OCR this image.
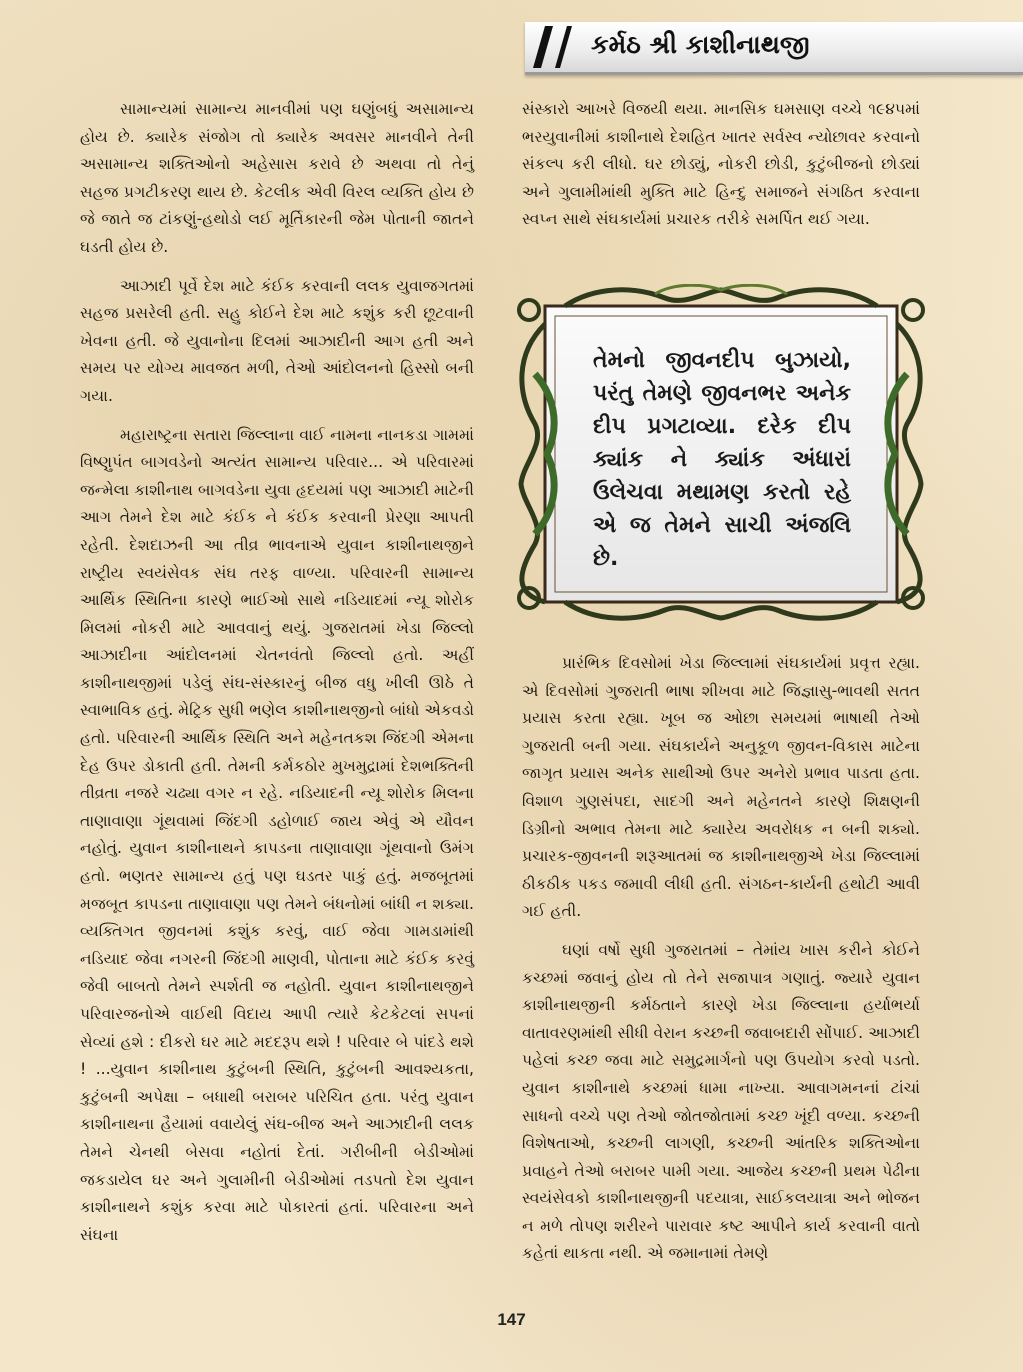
કર્મઠ શ્રી કાશીનાથજી

સામાન્યમાં સામાન્ય માનવીમાં પણ ઘણુંબધું અસામાન્ય હોય છે. ક્યારેક સંજોગ તો ક્યારેક અવસર માનવીને તેની અસામાન્ય શક્તિઓનો અહેસાસ કરાવે છે અથવા તો તેનું સહજ પ્રગટીકરણ થાય છે. કેટલીક એવી વિરલ વ્યક્તિ હોય છે જે જાતે જ ટાંકણું-હથોડો લઈ મૂર્તિકારની જેમ પોતાની જાતને ઘડતી હોય છે.

આઝાદી પૂર્વે દેશ માટે કંઈક કરવાની લલક યુવાજગતમાં સહજ પ્રસરેલી હતી. સહુ કોઈને દેશ માટે કશુંક કરી છૂટવાની ખેવના હતી. જે યુવાનોના દિલમાં આઝાદીની આગ હતી અને સમય પર યોગ્ય માવજત મળી, તેઓ આંદોલનનો હિસ્સો બની ગયા.

મહારાષ્ટ્રના સતારા જિલ્લાના વાઈ નામના નાનકડા ગામમાં વિષ્ણુપંત બાગવડેનો અત્યંત સામાન્ય પરિવાર... એ પરિવારમાં જન્મેલા કાશીનાથ બાગવડેના યુવા હૃદયમાં પણ આઝાદી માટેની આગ તેમને દેશ માટે કંઈક ને કંઈક કરવાની પ્રેરણા આપતી રહેતી. દેશદાઝની આ તીવ્ર ભાવનાએ યુવાન કાશીનાથજીને રાષ્ટ્રીય સ્વયંસેવક સંઘ તરફ વાળ્યા. પરિવારની સામાન્ય આર્થિક સ્થિતિના કારણે ભાઈઓ સાથે નડિયાદમાં ન્યૂ શોરોક મિલમાં નોકરી માટે આવવાનું થયું. ગુજરાતમાં ખેડા જિલ્લો આઝાદીના આંદોલનમાં ચેતનવંતો જિલ્લો હતો. અહીં કાશીનાથજીમાં પડેલું સંઘ-સંસ્કારનું બીજ વધુ ખીલી ઊઠે તે સ્વાભાવિક હતું. મેટ્રિક સુધી ભણેલ કાશીનાથજીનો બાંધો એકવડો હતો. પરિવારની આર્થિક સ્થિતિ અને મહેનતકશ જિંદગી એમના દેહ ઉપર ડોકાતી હતી. તેમની કર્મકઠોર મુખમુદ્રામાં દેશભક્તિની તીવ્રતા નજરે ચઢ્યા વગર ન રહે. નડિયાદની ન્યૂ શોરોક મિલના તાણાવાણા ગૂંથવામાં જિંદગી ડહોળાઈ જાય એવું એ યૌવન નહોતું. યુવાન કાશીનાથને કાપડના તાણાવાણા ગૂંથવાનો ઉમંગ હતો. ભણતર સામાન્ય હતું પણ ઘડતર પાકું હતું. મજબૂતમાં મજબૂત કાપડના તાણાવાણા પણ તેમને બંધનોમાં બાંધી ન શક્યા. વ્યક્તિગત જીવનમાં કશુંક કરવું, વાઈ જેવા ગામડામાંથી નડિયાદ જેવા નગરની જિંદગી માણવી, પોતાના માટે કંઈક કરવું જેવી બાબતો તેમને સ્પર્શતી જ નહોતી. યુવાન કાશીનાથજીને પરિવારજનોએ વાઈથી વિદાય આપી ત્યારે કેટકેટલાં સપનાં સેવ્યાં હશે : દીકરો ઘર માટે મદદરૂપ થશે ! પરિવાર બે પાંદડે થશે ! ...યુવાન કાશીનાથ કુટુંબની સ્થિતિ, કુટુંબની આવશ્યકતા, કુટુંબની અપેક્ષા – બધાથી બરાબર પરિચિત હતા. પરંતુ યુવાન કાશીનાથના હૈયામાં વવાયેલું સંઘ-બીજ અને આઝાદીની લલક તેમને ચેનથી બેસવા નહોતાં દેતાં. ગરીબીની બેડીઓમાં જકડાયેલ ઘર અને ગુલામીની બેડીઓમાં તડપતો દેશ યુવાન કાશીનાથને કશુંક કરવા માટે પોકારતાં હતાં. પરિવારના અને સંઘના

સંસ્કારો આખરે વિજયી થયા. માનસિક ઘમસાણ વચ્ચે ૧૯૪૫માં ભરયુવાનીમાં કાશીનાથે દેશહિત ખાતર સર્વસ્વ ન્યોછાવર કરવાનો સંકલ્પ કરી લીધો. ઘર છોડ્યું, નોકરી છોડી, કુટુંબીજનો છોડ્યાં અને ગુલામીમાંથી મુક્તિ માટે હિન્દુ સમાજને સંગઠિત કરવાના સ્વપ્ન સાથે સંઘકાર્યમાં પ્રચારક તરીકે સમર્પિત થઈ ગયા.

તેમનો જીવનદીપ બુઝાયો, પરંતુ તેમણે જીવનભર અનેક દીપ પ્રગટાવ્યા. દરેક દીપ ક્યાંક ને ક્યાંક અંધારાં ઉલેચવા મથામણ કરતો રહે એ જ તેમને સાચી અંજલિ છે.

પ્રારંભિક દિવસોમાં ખેડા જિલ્લામાં સંઘકાર્યમાં પ્રવૃત્ત રહ્યા. એ દિવસોમાં ગુજરાતી ભાષા શીખવા માટે જિજ્ઞાસુ-ભાવથી સતત પ્રયાસ કરતા રહ્યા. ખૂબ જ ઓછા સમયમાં ભાષાથી તેઓ ગુજરાતી બની ગયા. સંઘકાર્યને અનુકૂળ જીવન-વિકાસ માટેના જાગૃત પ્રયાસ અનેક સાથીઓ ઉપર અનેરો પ્રભાવ પાડતા હતા. વિશાળ ગુણસંપદા, સાદગી અને મહેનતને કારણે શિક્ષણની ડિગ્રીનો અભાવ તેમના માટે ક્યારેય અવરોધક ન બની શક્યો. પ્રચારક-જીવનની શરૂઆતમાં જ કાશીનાથજીએ ખેડા જિલ્લામાં ઠીકઠીક પકડ જમાવી લીધી હતી. સંગઠન-કાર્યની હથોટી આવી ગઈ હતી.

ઘણાં વર્ષો સુધી ગુજરાતમાં – તેમાંય ખાસ કરીને કોઈને કચ્છમાં જવાનું હોય તો તેને સજાપાત્ર ગણાતું. જ્યારે યુવાન કાશીનાથજીની કર્મઠતાને કારણે ખેડા જિલ્લાના હર્યાભર્યા વાતાવરણમાંથી સીધી વેરાન કચ્છની જવાબદારી સોંપાઈ. આઝાદી પહેલાં કચ્છ જવા માટે સમુદ્રમાર્ગનો પણ ઉપયોગ કરવો પડતો. યુવાન કાશીનાથે કચ્છમાં ધામા નાખ્યા. આવાગમનનાં ટાંચાં સાધનો વચ્ચે પણ તેઓ જોતજોતામાં કચ્છ ખૂંદી વળ્યા. કચ્છની વિશેષતાઓ, કચ્છની લાગણી, કચ્છની આંતરિક શક્તિઓના પ્રવાહને તેઓ બરાબર પામી ગયા. આજેય કચ્છની પ્રથમ પેઢીના સ્વયંસેવકો કાશીનાથજીની પદયાત્રા, સાઈકલયાત્રા અને ભોજન ન મળે તોપણ શરીરને પારાવાર કષ્ટ આપીને કાર્ય કરવાની વાતો કહેતાં થાકતા નથી. એ જમાનામાં તેમણે

147
